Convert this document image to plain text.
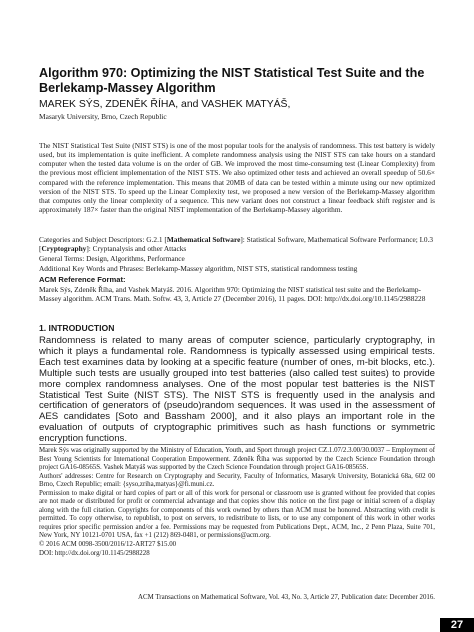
Algorithm 970: Optimizing the NIST Statistical Test Suite and the Berlekamp-Massey Algorithm
MAREK SÝS, ZDENĚK ŘÍHA, and VASHEK MATYÁŠ,
Masaryk University, Brno, Czech Republic

The NIST Statistical Test Suite (NIST STS) is one of the most popular tools for the analysis of randomness. This test battery is widely used, but its implementation is quite inefficient. A complete randomness analysis using the NIST STS can take hours on a standard computer when the tested data volume is on the order of GB. We improved the most time-consuming test (Linear Complexity) from the previous most efficient implementation of the NIST STS. We also optimized other tests and achieved an overall speedup of 50.6× compared with the reference implementation. This means that 20MB of data can be tested within a minute using our new optimized version of the NIST STS. To speed up the Linear Complexity test, we proposed a new version of the Berlekamp-Massey algorithm that computes only the linear complexity of a sequence. This new variant does not construct a linear feedback shift register and is approximately 187× faster than the original NIST implementation of the Berlekamp-Massey algorithm.

Categories and Subject Descriptors: G.2.1 [Mathematical Software]: Statistical Software, Mathematical Software Performance; I.0.3 [Cryptography]: Cryptanalysis and other Attacks

General Terms: Design, Algorithms, Performance
Additional Key Words and Phrases: Berlekamp-Massey algorithm, NIST STS, statistical randomness testing
ACM Reference Format:
Marek Sýs, Zdeněk Říha, and Vashek Matyáš. 2016. Algorithm 970: Optimizing the NIST statistical test suite and the Berlekamp-Massey algorithm. ACM Trans. Math. Softw. 43, 3, Article 27 (December 2016), 11 pages. DOI: http://dx.doi.org/10.1145/2988228
1. INTRODUCTION
Randomness is related to many areas of computer science, particularly cryptography, in which it plays a fundamental role. Randomness is typically assessed using empirical tests. Each test examines data by looking at a specific feature (number of ones, m-bit blocks, etc.). Multiple such tests are usually grouped into test batteries (also called test suites) to provide more complex randomness analyses. One of the most popular test batteries is the NIST Statistical Test Suite (NIST STS). The NIST STS is frequently used in the analysis and certification of generators of (pseudo)random sequences. It was used in the assessment of AES candidates [Soto and Bassham 2000], and it also plays an important role in the evaluation of outputs of cryptographic primitives such as hash functions or symmetric encryption functions.

Marek Sýs was originally supported by the Ministry of Education, Youth, and Sport through project CZ.1.07/2.3.00/30.0037 – Employment of Best Young Scientists for International Cooperation Empowerment. Zdeněk Říha was supported by the Czech Science Foundation through project GA16-08565S. Vashek Matyáš was supported by the Czech Science Foundation through project GA16-08565S.

Authors' addresses: Centre for Research on Cryptography and Security, Faculty of Informatics, Masaryk University, Botanická 68a, 602 00 Brno, Czech Republic; email: {syso,zriha,matyas}@fi.muni.cz.

Permission to make digital or hard copies of part or all of this work for personal or classroom use is granted without fee provided that copies are not made or distributed for profit or commercial advantage and that copies show this notice on the first page or initial screen of a display along with the full citation. Copyrights for components of this work owned by others than ACM must be honored. Abstracting with credit is permitted. To copy otherwise, to republish, to post on servers, to redistribute to lists, or to use any component of this work in other works requires prior specific permission and/or a fee. Permissions may be requested from Publications Dept., ACM, Inc., 2 Penn Plaza, Suite 701, New York, NY 10121-0701 USA, fax +1 (212) 869-0481, or permissions@acm.org.

© 2016 ACM 0098-3500/2016/12-ART27 $15.00

DOI: http://dx.doi.org/10.1145/2988228

ACM Transactions on Mathematical Software, Vol. 43, No. 3, Article 27, Publication date: December 2016.
27
